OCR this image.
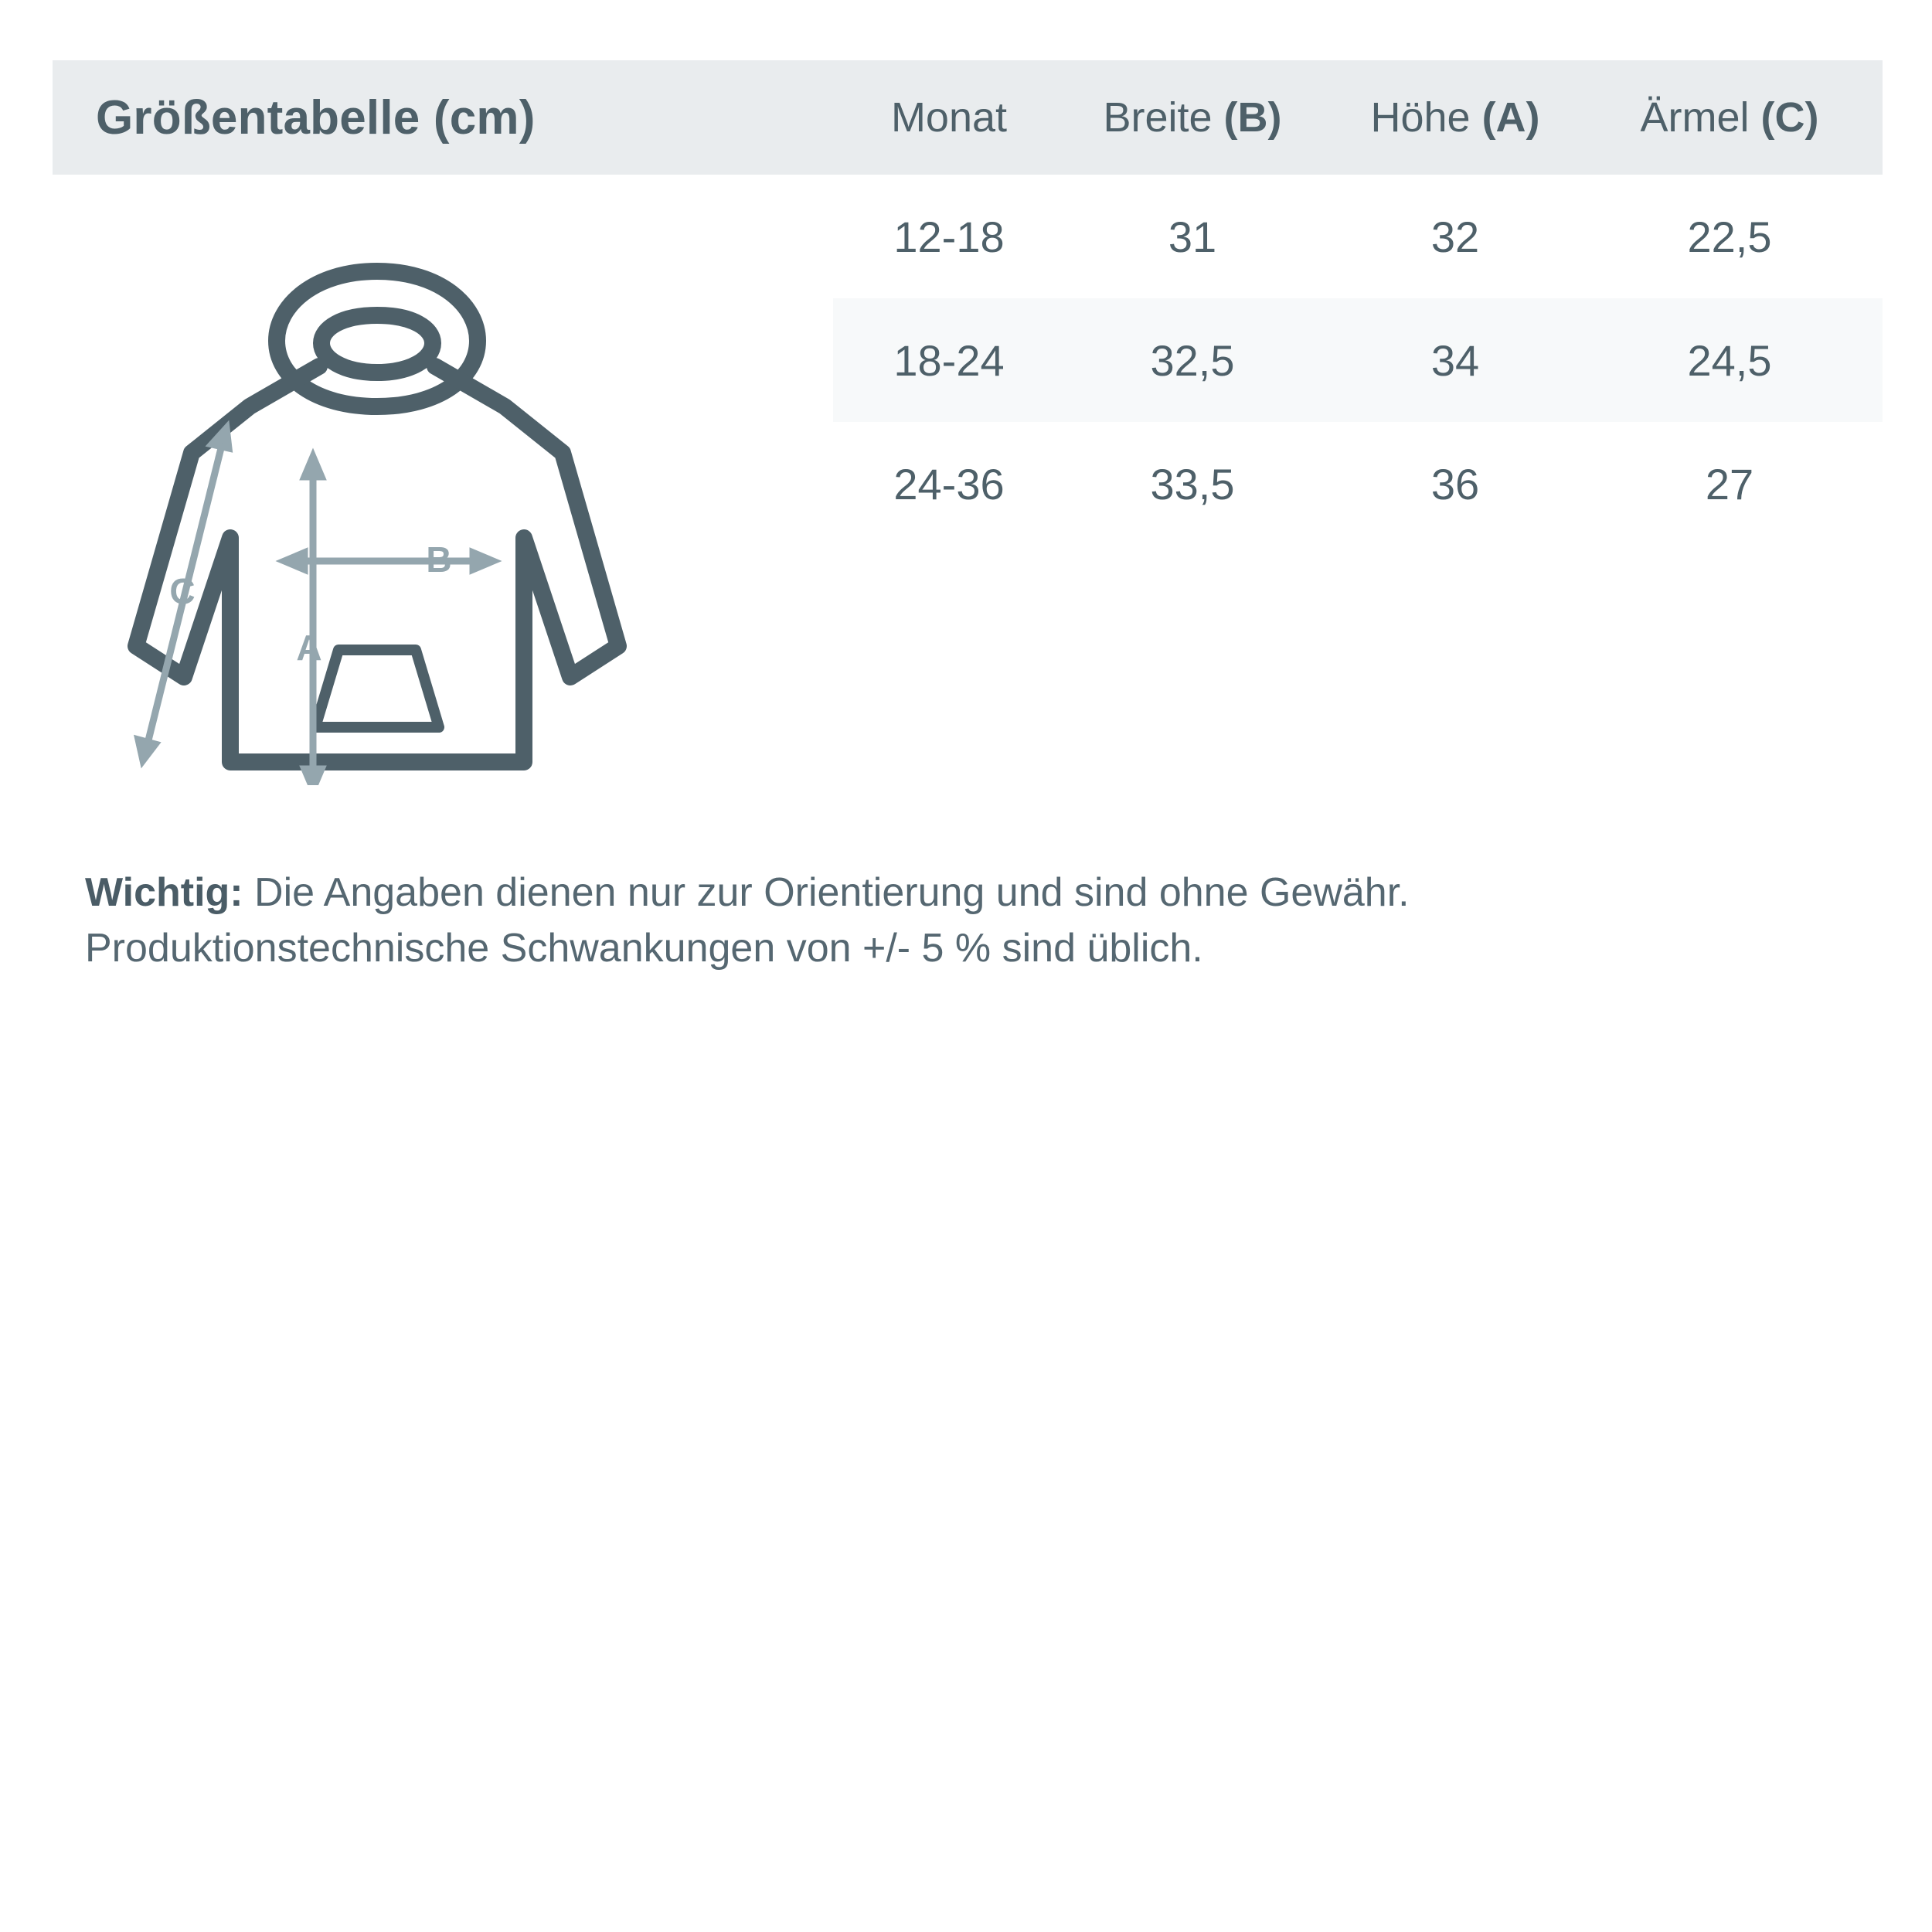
Größentabelle (cm)	Monat	Breite (B)	Höhe (A)	Ärmel (C)
B
A
C
12-18	31	32	22,5
18-24	32,5	34	24,5
24-36	33,5	36	27
Wichtig: Die Angaben dienen nur zur Orientierung und sind ohne Gewähr.
Produktionstechnische Schwankungen von +/- 5 % sind üblich.
